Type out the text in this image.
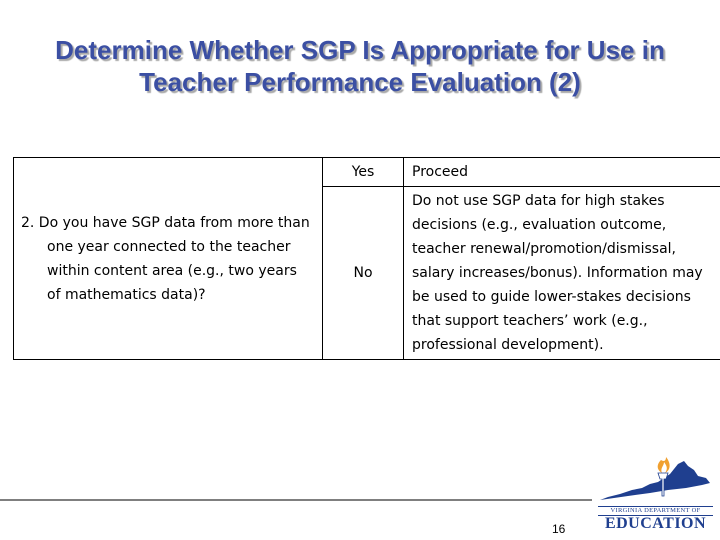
Determine Whether SGP Is Appropriate for Use in
Teacher Performance Evaluation (2)
2. Do you have SGP data from more than one year connected to the teacher within content area (e.g., two years of mathematics data)?	Yes	Proceed
	No	Do not use SGP data for high stakes decisions (e.g., evaluation outcome, teacher renewal/promotion/dismissal, salary increases/bonus). Information may be used to guide lower-stakes decisions that support teachers’ work (e.g., professional development).
16
VIRGINIA DEPARTMENT OF
EDUCATION
